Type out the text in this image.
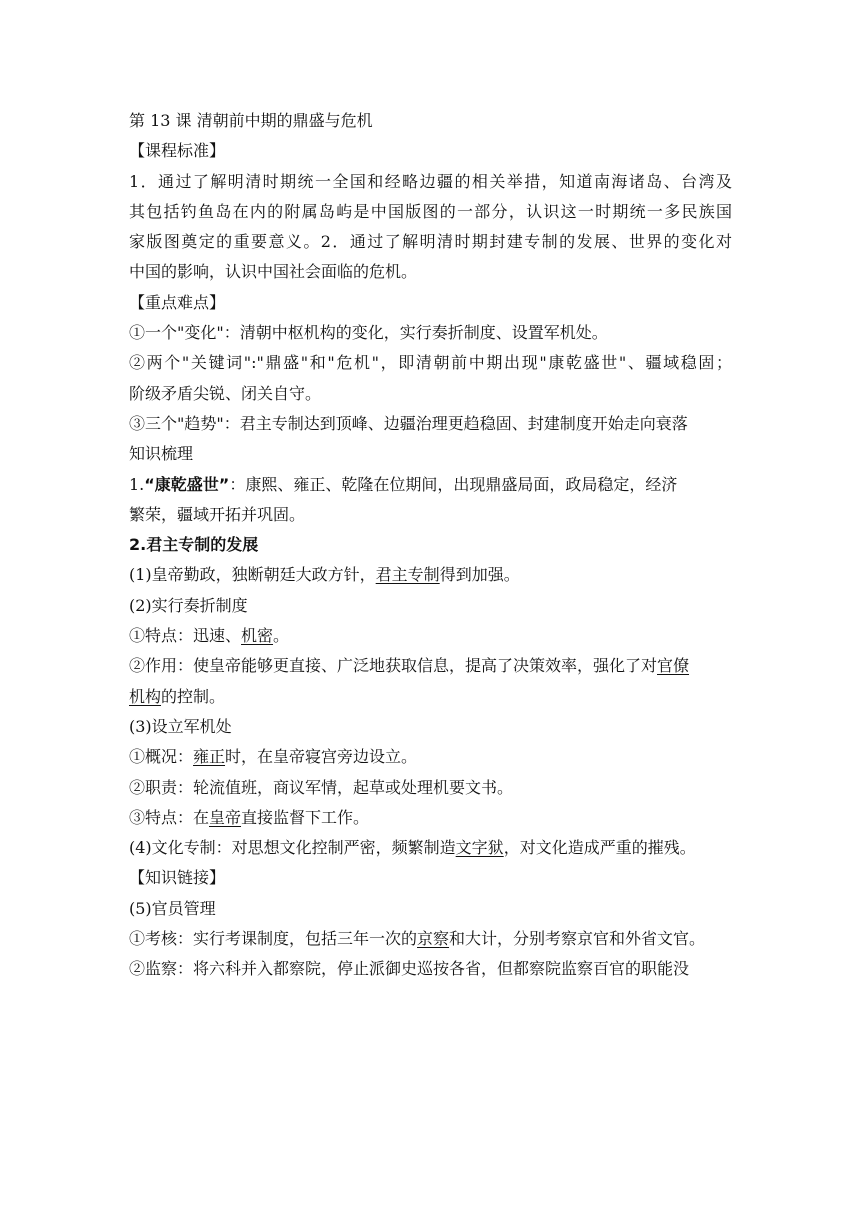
第 13 课 清朝前中期的鼎盛与危机

【课程标准】

1．通过了解明清时期统一全国和经略边疆的相关举措，知道南海诸岛、台湾及

其包括钓鱼岛在内的附属岛屿是中国版图的一部分，认识这一时期统一多民族国

家版图奠定的重要意义。2．通过了解明清时期封建专制的发展、世界的变化对

中国的影响，认识中国社会面临的危机。

【重点难点】

①一个"变化"：清朝中枢机构的变化，实行奏折制度、设置军机处。

②两个"关键词":"鼎盛"和"危机"，即清朝前中期出现"康乾盛世"、疆域稳固；

阶级矛盾尖锐、闭关自守。

③三个"趋势"：君主专制达到顶峰、边疆治理更趋稳固、封建制度开始走向衰落

知识梳理

1.“康乾盛世”：康熙、雍正、乾隆在位期间，出现鼎盛局面，政局稳定，经济

繁荣，疆域开拓并巩固。

2.君主专制的发展

(1)皇帝勤政，独断朝廷大政方针，君主专制得到加强。

(2)实行奏折制度

①特点：迅速、机密。

②作用：使皇帝能够更直接、广泛地获取信息，提高了决策效率，强化了对官僚

机构的控制。

(3)设立军机处

①概况：雍正时，在皇帝寝宫旁边设立。

②职责：轮流值班，商议军情，起草或处理机要文书。

③特点：在皇帝直接监督下工作。

(4)文化专制：对思想文化控制严密，频繁制造文字狱，对文化造成严重的摧残。

【知识链接】

(5)官员管理

①考核：实行考课制度，包括三年一次的京察和大计，分别考察京官和外省文官。

②监察：将六科并入都察院，停止派御史巡按各省，但都察院监察百官的职能没
